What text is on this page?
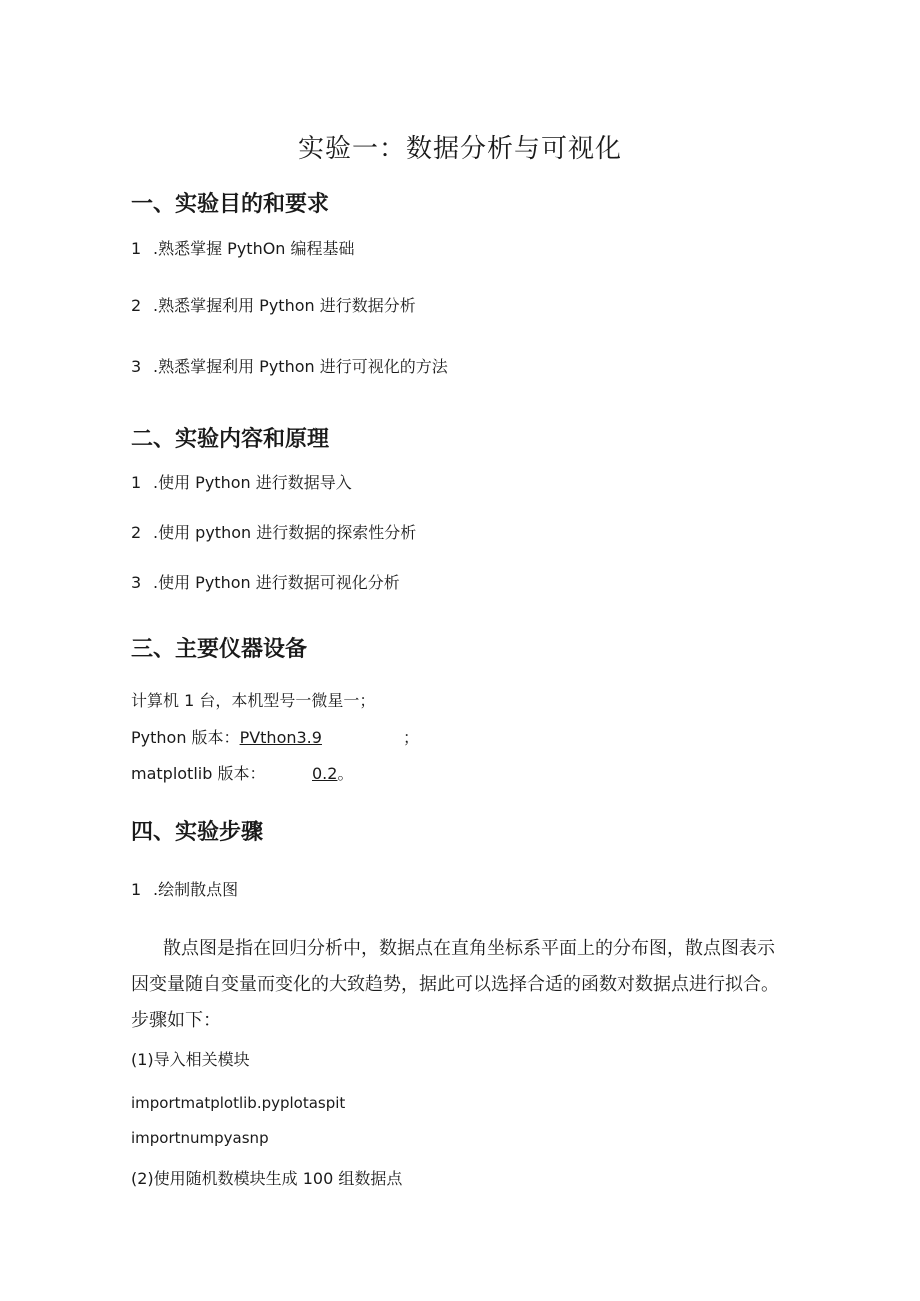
实验一：数据分析与可视化
一、实验目的和要求
1 .熟悉掌握 PythOn 编程基础
2 .熟悉掌握利用 Python 进行数据分析
3 .熟悉掌握利用 Python 进行可视化的方法
二、实验内容和原理
1 .使用 Python 进行数据导入
2 .使用 python 进行数据的探索性分析
3 .使用 Python 进行数据可视化分析
三、主要仪器设备
计算机 1 台，本机型号一微星一；
Python 版本：PVthon3.9	；
matplotlib 版本：	0.2。
四、实验步骤
1 .绘制散点图
散点图是指在回归分析中，数据点在直角坐标系平面上的分布图，散点图表示
因变量随自变量而变化的大致趋势，据此可以选择合适的函数对数据点进行拟合。
步骤如下：
(1)导入相关模块
importmatplotlib.pyplotaspit
importnumpyasnp
(2)使用随机数模块生成 100 组数据点
